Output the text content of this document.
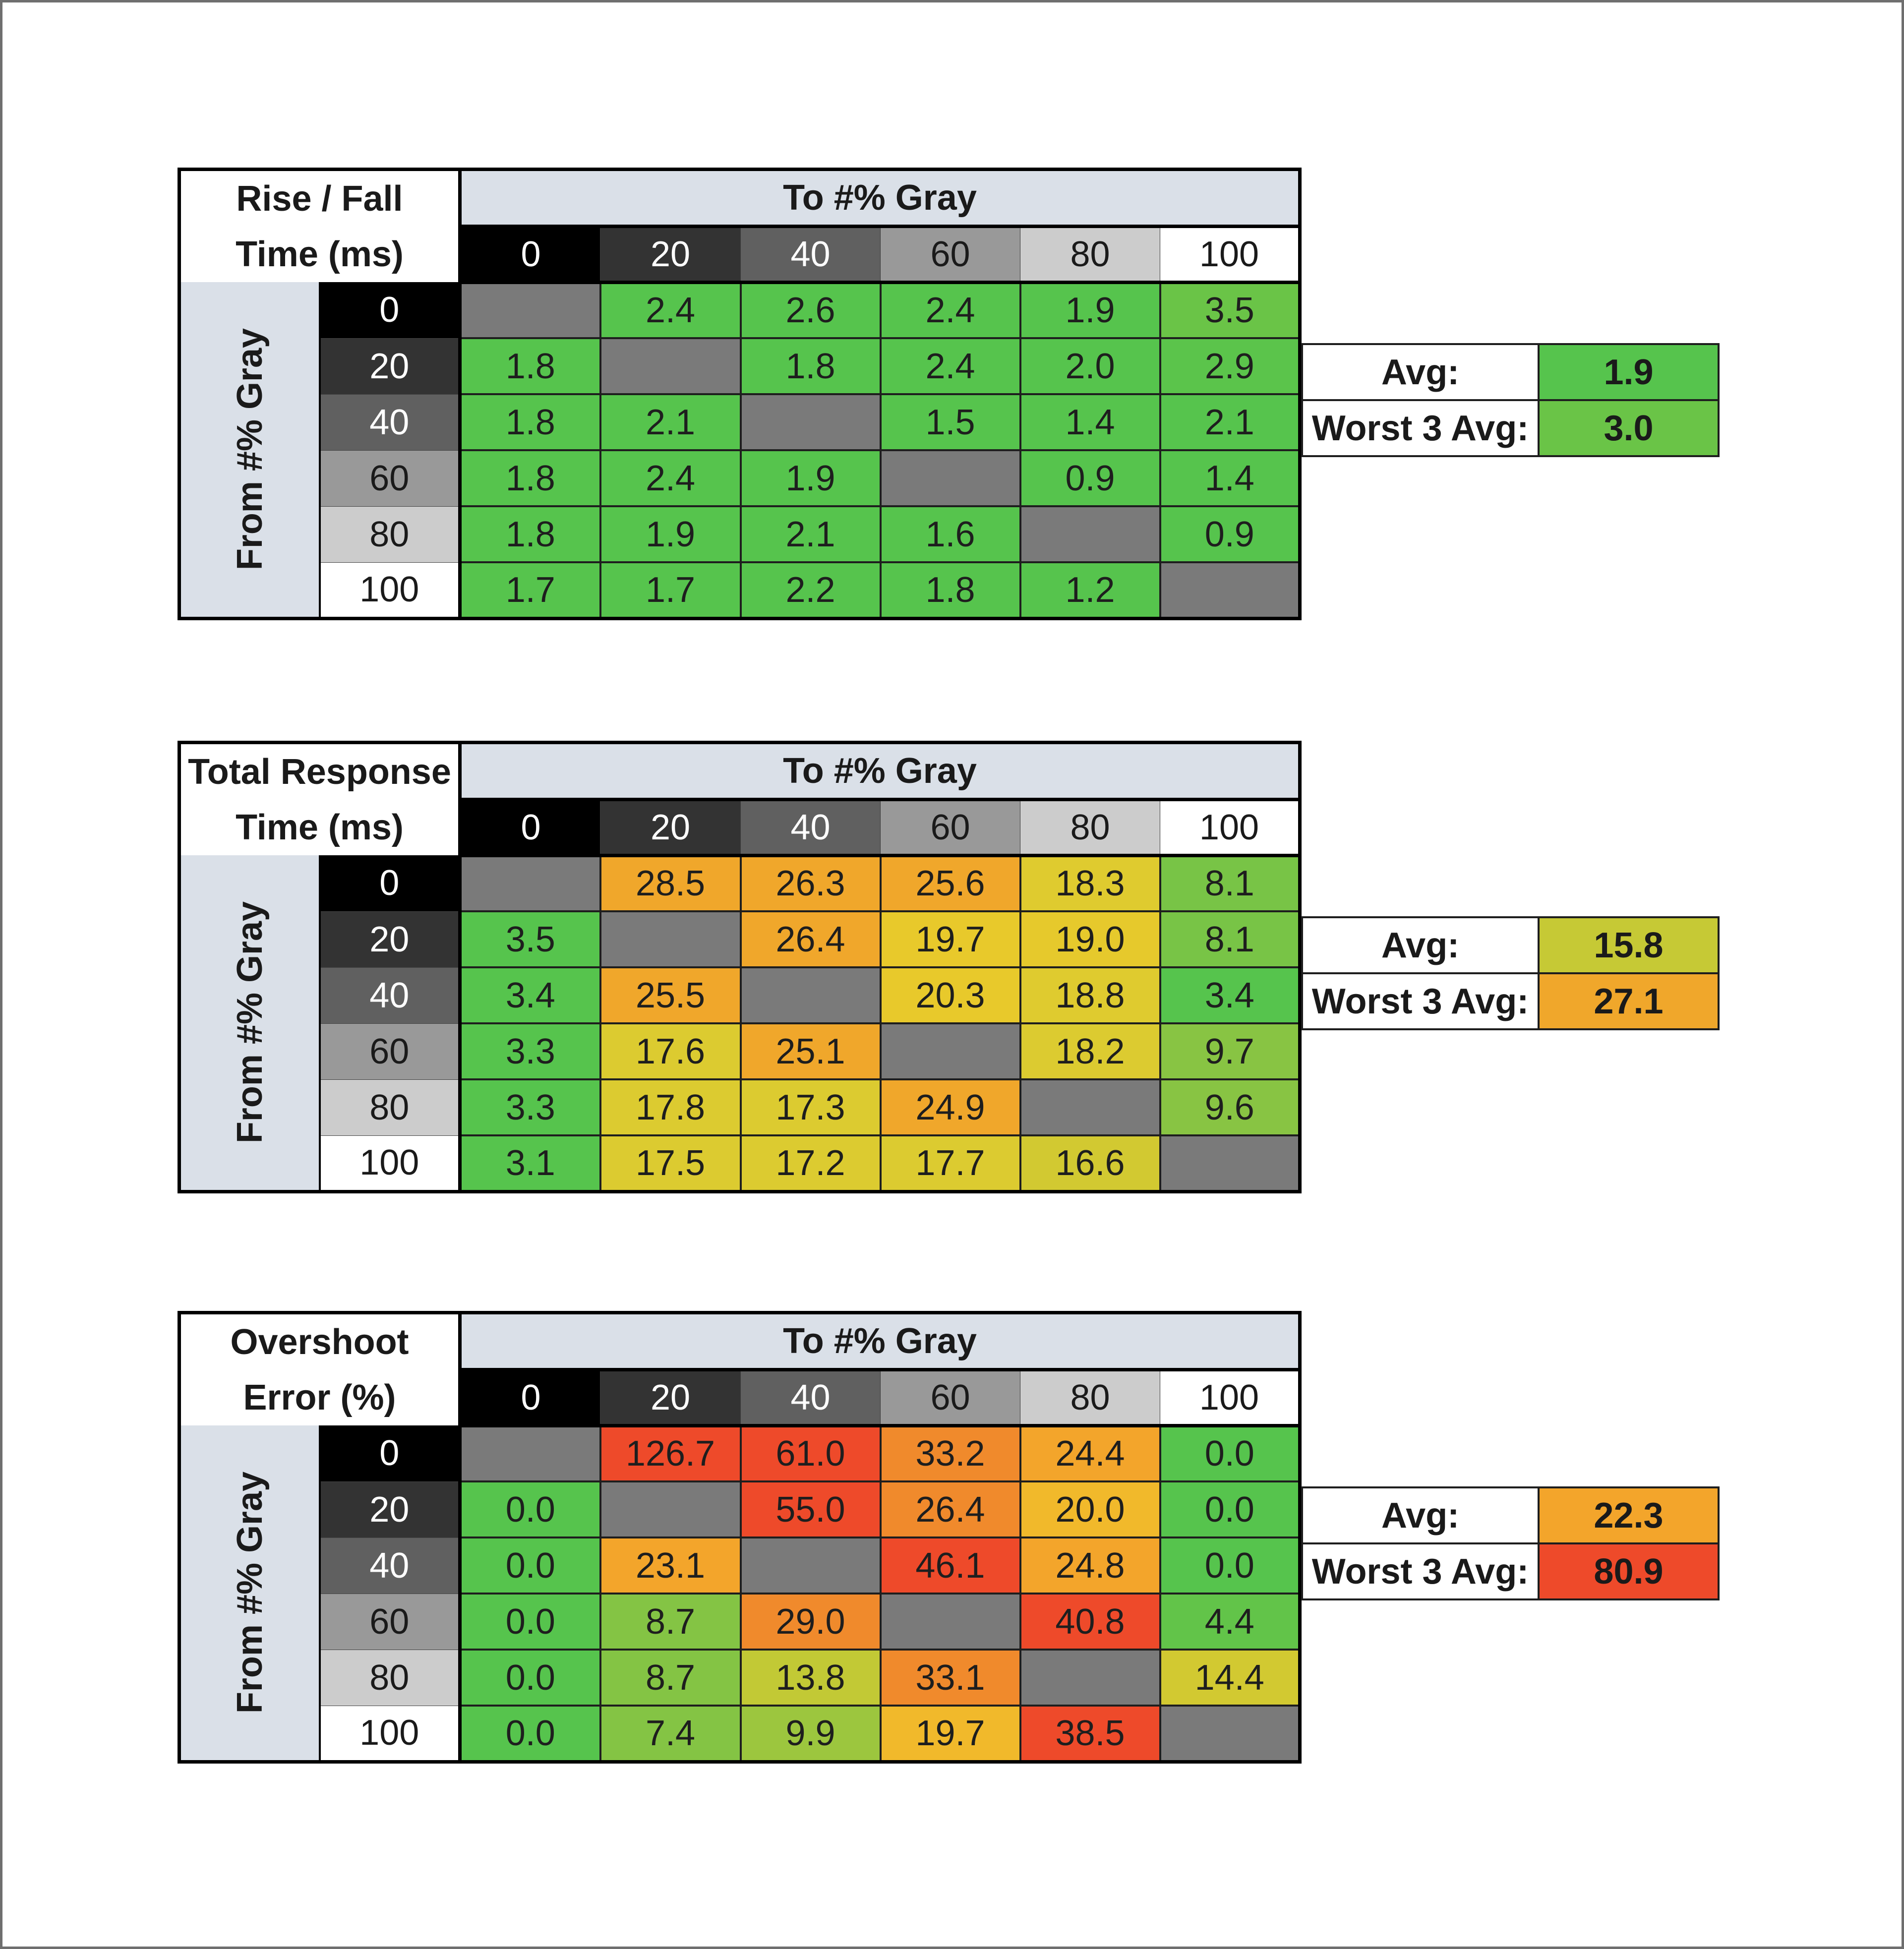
Rise / Fall
Time (ms)		To #% Gray					
		0	20	40	60	80	100

From #% Gray	0		2.4	2.6	2.4	1.9	3.5
	20	1.8		1.8	2.4	2.0	2.9
	40	1.8	2.1		1.5	1.4	2.1
	60	1.8	2.4	1.9		0.9	1.4
	80	1.8	1.9	2.1	1.6		0.9
	100	1.7	1.7	2.2	1.8	1.2	
Avg:	1.9
Worst 3 Avg:	3.0
Total Response
Time (ms)		To #% Gray					
		0	20	40	60	80	100

From #% Gray	0		28.5	26.3	25.6	18.3	8.1
	20	3.5		26.4	19.7	19.0	8.1
	40	3.4	25.5		20.3	18.8	3.4
	60	3.3	17.6	25.1		18.2	9.7
	80	3.3	17.8	17.3	24.9		9.6
	100	3.1	17.5	17.2	17.7	16.6	
Avg:	15.8
Worst 3 Avg:	27.1
Overshoot
Error (%)		To #% Gray					
		0	20	40	60	80	100

From #% Gray	0		126.7	61.0	33.2	24.4	0.0
	20	0.0		55.0	26.4	20.0	0.0
	40	0.0	23.1		46.1	24.8	0.0
	60	0.0	8.7	29.0		40.8	4.4
	80	0.0	8.7	13.8	33.1		14.4
	100	0.0	7.4	9.9	19.7	38.5	
Avg:	22.3
Worst 3 Avg:	80.9
